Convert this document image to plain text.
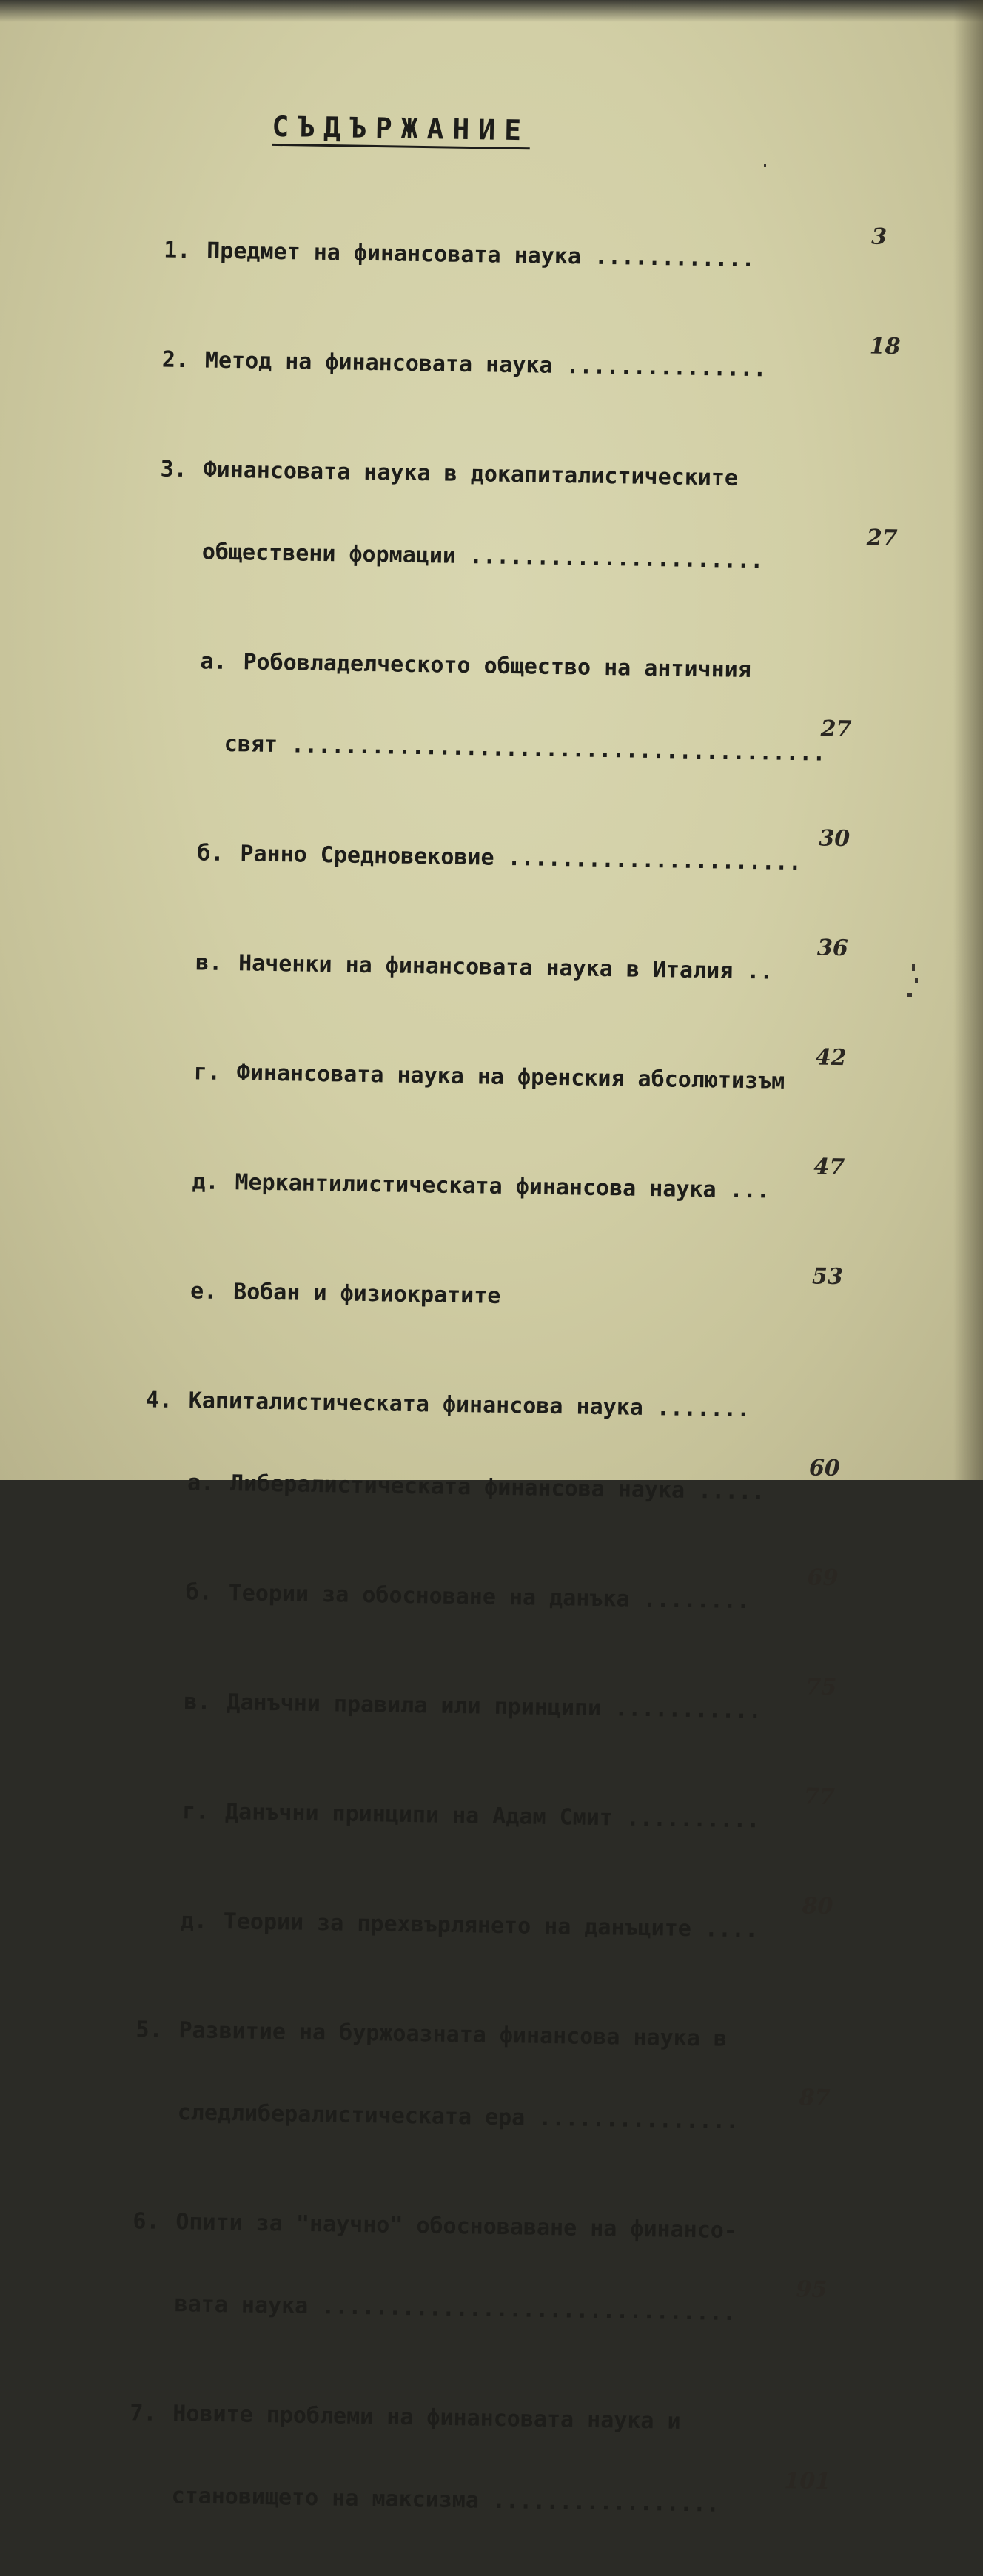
СЪДЪРЖАНИЕ

1. Предмет на финансовата наука ............

3

2. Метод на финансовата наука ...............

18

3. Финансовата наука в докапиталистическите

обществени формации ......................

27

а. Робовладелческото общество на античния

свят ........................................

27

б. Ранно Средновековие ......................

30

в. Наченки на финансовата наука в Италия ..

36

г. Финансовата наука на френския абсолютизъм

42

д. Меркантилистическата финансова наука ...

47

е. Вобан и физиократите

53

4. Капиталистическата финансова наука .......

а. Либералистическата финансова наука .....

60

б. Теории за обосноване на данъка ........

69

в. Данъчни правила или принципи ...........

75

г. Данъчни принципи на Адам Смит ..........

77

д. Теории за прехвърлянето на данъците ....

80

5. Развитие на буржоазната финансова наука в

следлибералистическата ера ...............

87

6. Опити за "научно" обосноваване на финансо-

вата наука ...............................

95

7. Новите проблеми на финансовата наука и

становището на максизма .................

101
